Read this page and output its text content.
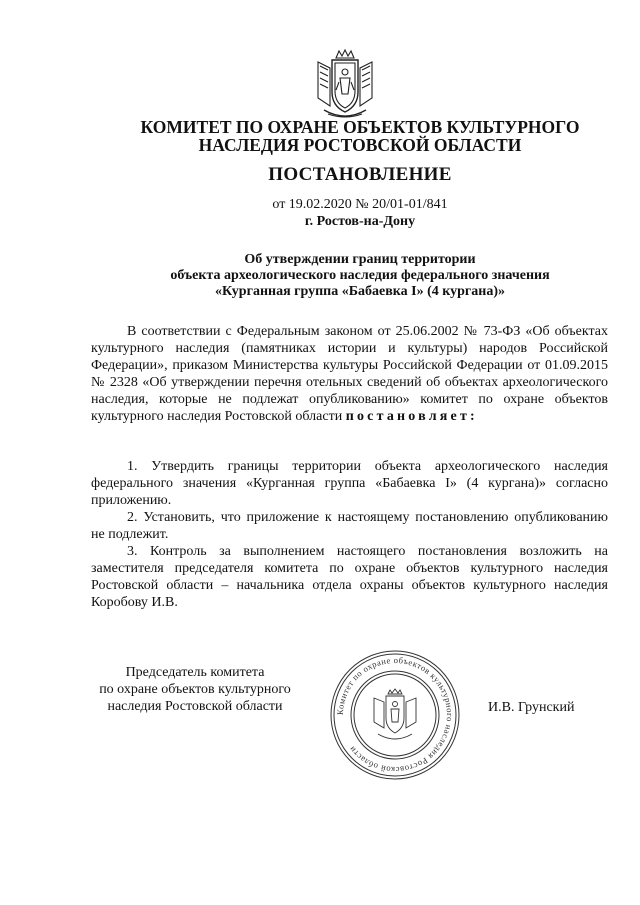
КОМИТЕТ ПО ОХРАНЕ ОБЪЕКТОВ КУЛЬТУРНОГО
НАСЛЕДИЯ РОСТОВСКОЙ ОБЛАСТИ
ПОСТАНОВЛЕНИЕ
от 19.02.2020 № 20/01-01/841
г. Ростов-на-Дону
Об утверждении границ территории
объекта археологического наследия федерального значения
«Курганная группа «Бабаевка I» (4 кургана)»

В соответствии с Федеральным законом от 25.06.2002 № 73-ФЗ «Об объектах культурного наследия (памятниках истории и культуры) народов Российской Федерации», приказом Министерства культуры Российской Федерации от 01.09.2015 № 2328 «Об утверждении перечня отельных сведений об объектах археологического наследия, которые не подлежат опубликованию» комитет по охране объектов культурного наследия Ростовской области постановляет:

1. Утвердить границы территории объекта археологического наследия федерального значения «Курганная группа «Бабаевка I» (4 кургана)» согласно приложению.

2. Установить, что приложение к настоящему постановлению опубликованию не подлежит.

3. Контроль за выполнением настоящего постановления возложить на заместителя председателя комитета по охране объектов культурного наследия Ростовской области – начальника отдела охраны объектов культурного наследия Коробову И.В.

Председатель комитета
по охране объектов культурного
наследия Ростовской области	Комитет по охране объектов культурного наследия Ростовской области
И.В. Грунский
